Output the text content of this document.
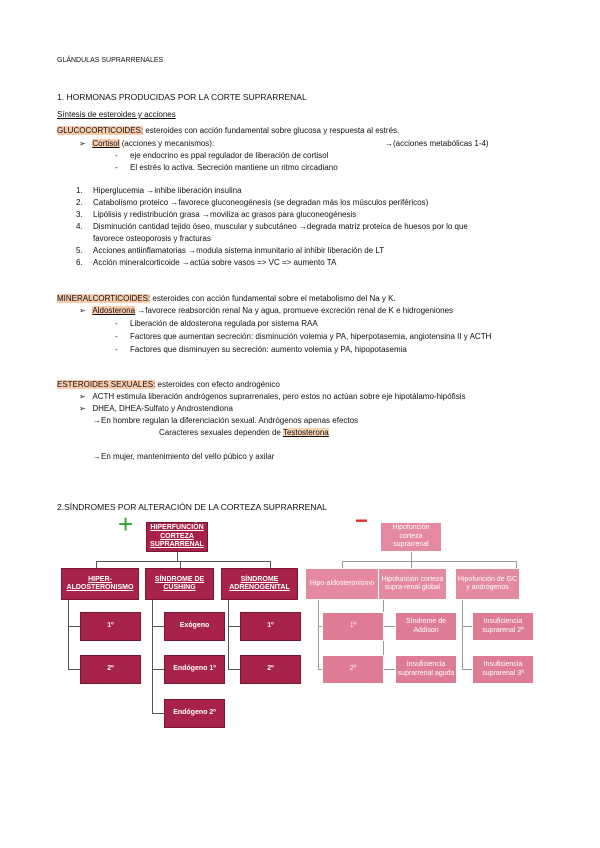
GLÁNDULAS SUPRARRENALES
1. HORMONAS PRODUCIDAS POR LA CORTE SUPRARRENAL
Síntesis de esteroides y acciones
GLUCOCORTICOIDES: esteroides con acción fundamental sobre glucosa y respuesta al estrés.
➢ Cortisol (acciones y mecanismos):	→(acciones metabólicas 1-4)
- eje endocrino es ppal regulador de liberación de cortisol
- El estrés lo activa. Secreción mantiene un ritmo circadiano
1. Hiperglucemia →inhibe liberación insulina
2. Catabolismo proteico →favorece gluconeogénesis (se degradan más los músculos periféricos)
3. Lipólisis y redistribución grasa →moviliza ac grasos para gluconeogénesis
4. Disminución cantidad tejido óseo, muscular y subcutáneo →degrada matriz proteica de huesos por lo que
favorece osteoporosis y fracturas
5. Acciones antiinflamatorias →modula sistema inmunitario al inhibir liberación de LT
6. Acción mineralcorticoide →actúa sobre vasos => VC => aumento TA
MINERALCORTICOIDES: esteroides con acción fundamental sobre el metabolismo del Na y K.
➢ Aldosterona →favorece reabsorción renal Na y agua, promueve excreción renal de K e hidrogeniones
- Liberación de aldosterona regulada por sistema RAA
- Factores que aumentan secreción: disminución volemia y PA, hiperpotasemia, angiotensina II y ACTH
- Factores que disminuyen su secreción: aumento volemia y PA, hipopotasemia
ESTEROIDES SEXUALES: esteroides con efecto androgénico
➢ ACTH estimula liberación andrógenos suprarrenales, pero estos no actúan sobre eje hipotálamo-hipófisis
➢ DHEA, DHEA-Sulfato y Androstendiona
→En hombre regulan la diferenciación sexual. Andrógenos apenas efectos
Caracteres sexuales dependen de Testosterona
→En mujer, mantenimiento del vello púbico y axilar
2.SÍNDROMES POR ALTERACIÓN DE LA CORTEZA SUPRARRENAL
+	−
HIPERFUNCIÓN CORTEZA SUPRARRENAL
HIPER-ALDOSTERONISMO
SÍNDROME DE CUSHING
SÍNDROME ADRENOGENITAL
1º
2º
Exógeno
Endógeno 1º
Endógeno 2º
1º
2º
Hipofunción corteza suprarrenal
Hipo-aldosteronismo
Hipofunción corteza supra-renal global
Hipofunción de GC y andrógenos
1º
2º
Síndrome de Addison
Insuficiencia suprarrenal aguda
Insuficiencia suprarenal 2ª
Insuficiencia suprarenal 3ª
